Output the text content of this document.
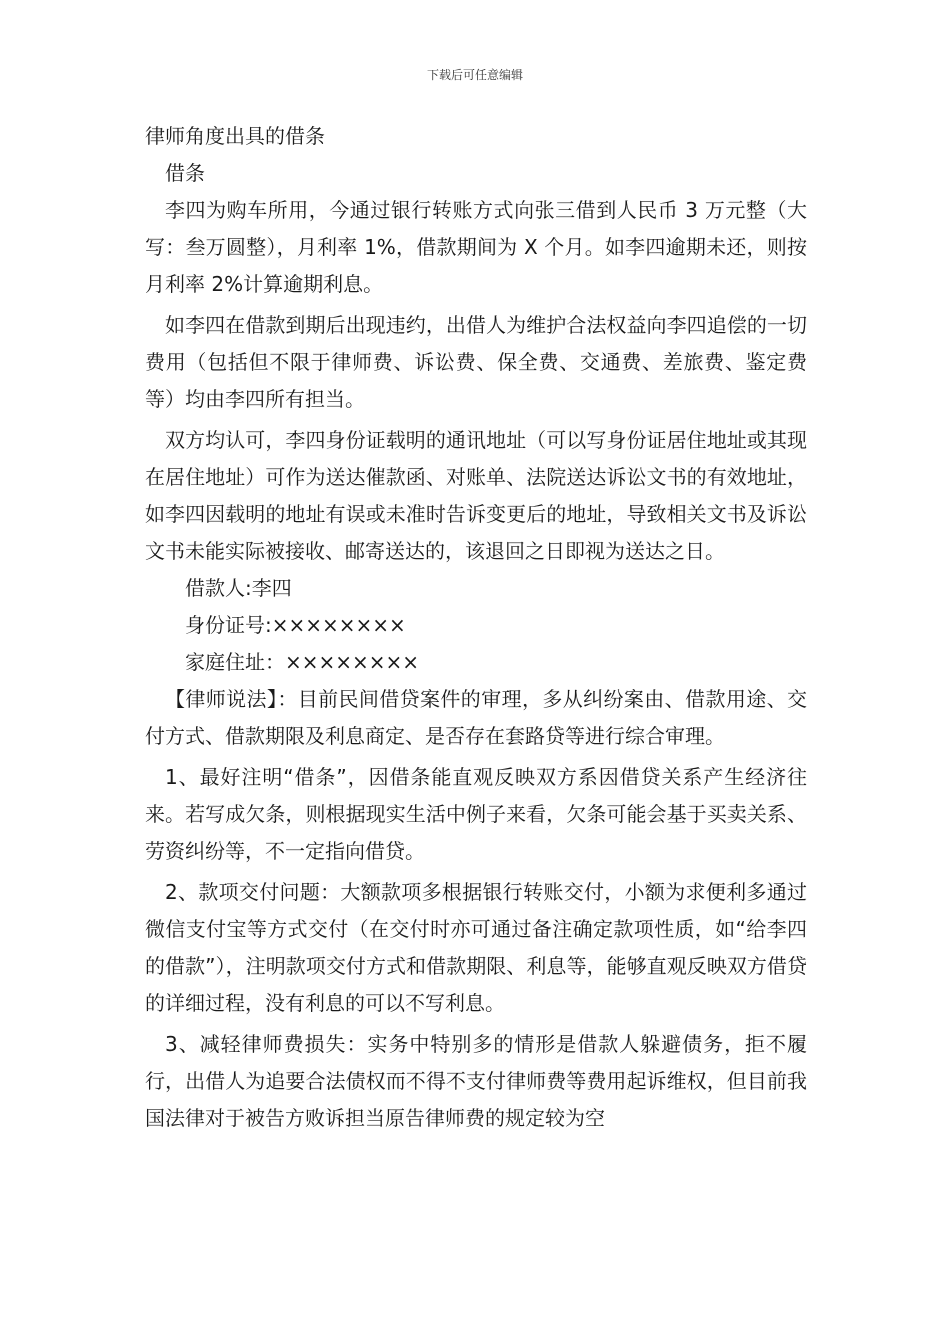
下载后可任意编辑
律师角度出具的借条

借条

李四为购车所用，今通过银行转账方式向张三借到人民币 3 万元整（大写：叁万圆整），月利率 1%，借款期间为 X 个月。如李四逾期未还，则按月利率 2%计算逾期利息。

如李四在借款到期后出现违约，出借人为维护合法权益向李四追偿的一切费用（包括但不限于律师费、诉讼费、保全费、交通费、差旅费、鉴定费等）均由李四所有担当。

双方均认可，李四身份证载明的通讯地址（可以写身份证居住地址或其现在居住地址）可作为送达催款函、对账单、法院送达诉讼文书的有效地址，如李四因载明的地址有误或未准时告诉变更后的地址，导致相关文书及诉讼文书未能实际被接收、邮寄送达的，该退回之日即视为送达之日。

借款人:李四

身份证号:××××××××

家庭住址：××××××××

【律师说法】：目前民间借贷案件的审理，多从纠纷案由、借款用途、交付方式、借款期限及利息商定、是否存在套路贷等进行综合审理。

1、最好注明“借条”，因借条能直观反映双方系因借贷关系产生经济往来。若写成欠条，则根据现实生活中例子来看，欠条可能会基于买卖关系、劳资纠纷等，不一定指向借贷。

2、款项交付问题：大额款项多根据银行转账交付，小额为求便利多通过微信支付宝等方式交付（在交付时亦可通过备注确定款项性质，如“给李四的借款”），注明款项交付方式和借款期限、利息等，能够直观反映双方借贷的详细过程，没有利息的可以不写利息。

3、减轻律师费损失：实务中特别多的情形是借款人躲避债务，拒不履行，出借人为追要合法债权而不得不支付律师费等费用起诉维权，但目前我国法律对于被告方败诉担当原告律师费的规定较为空
